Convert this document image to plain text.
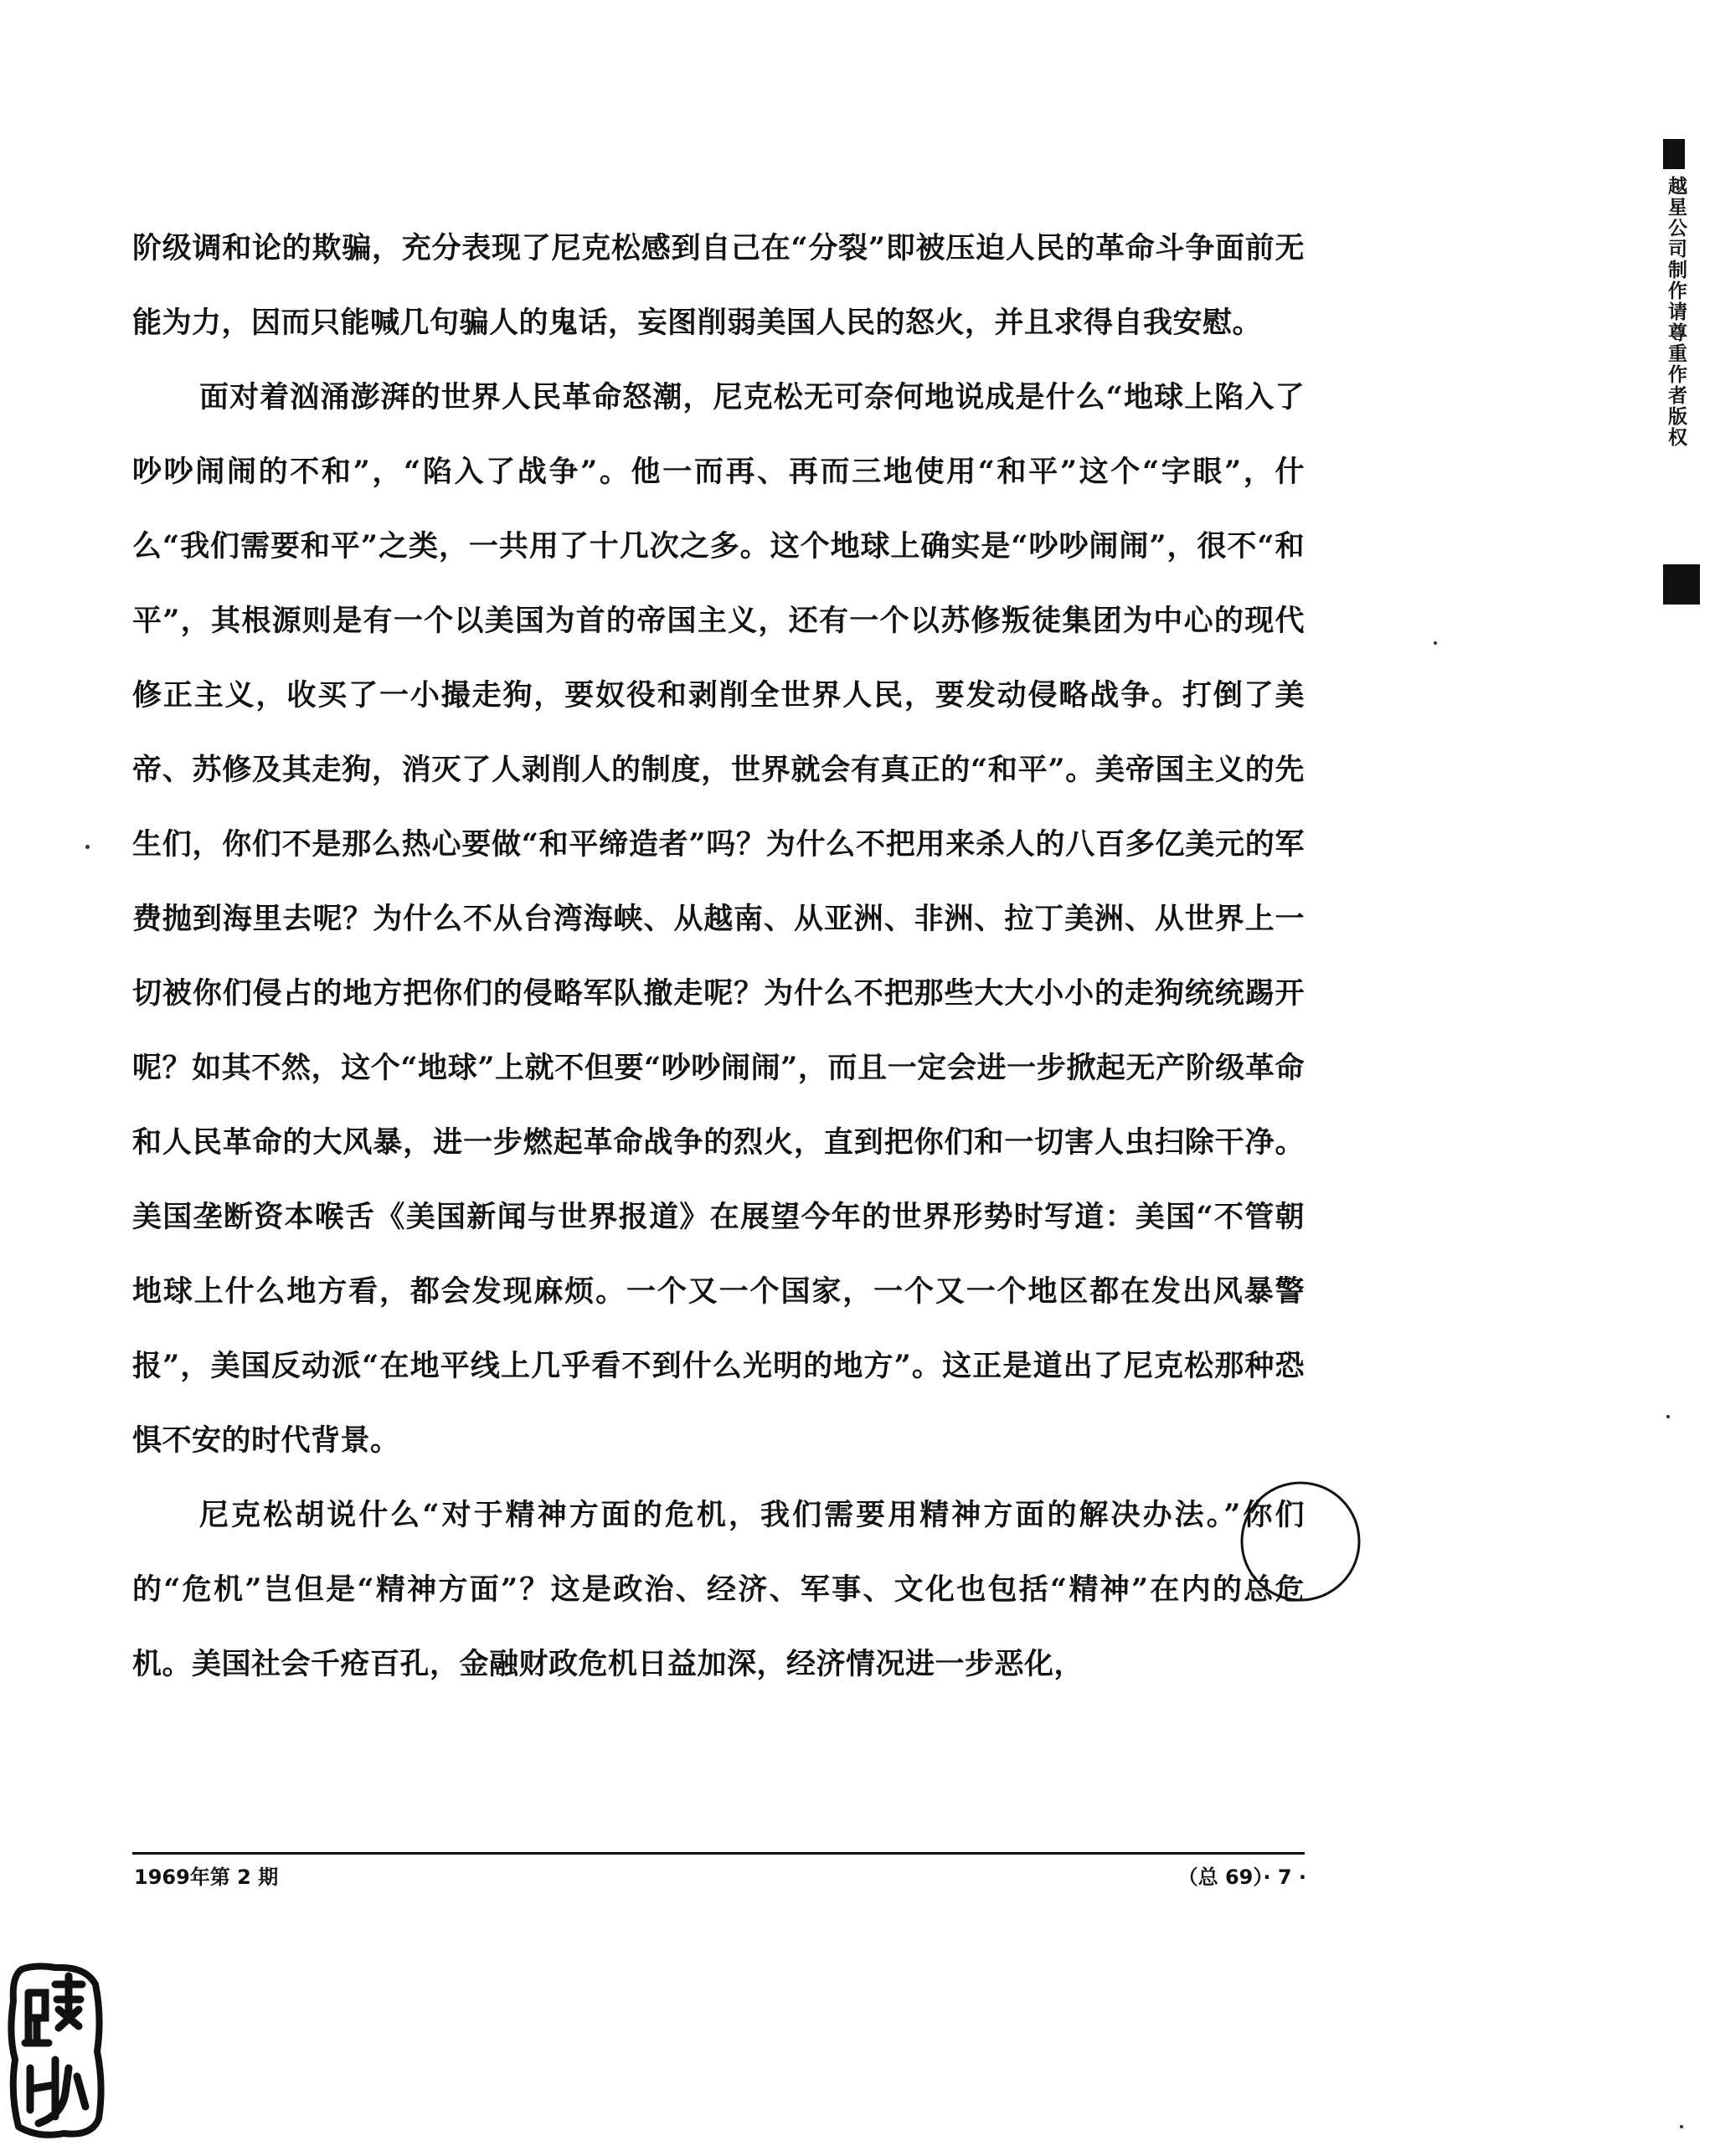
阶级调和论的欺骗，充分表现了尼克松感到自己在“分裂”即被压迫人民的革命斗争面前无能为力，因而只能喊几句骗人的鬼话，妄图削弱美国人民的怒火，并且求得自我安慰。

面对着汹涌澎湃的世界人民革命怒潮，尼克松无可奈何地说成是什么“地球上陷入了吵吵闹闹的不和”，“陷入了战争”。他一而再、再而三地使用“和平”这个“字眼”，什么“我们需要和平”之类，一共用了十几次之多。这个地球上确实是“吵吵闹闹”，很不“和平”，其根源则是有一个以美国为首的帝国主义，还有一个以苏修叛徒集团为中心的现代修正主义，收买了一小撮走狗，要奴役和剥削全世界人民，要发动侵略战争。打倒了美帝、苏修及其走狗，消灭了人剥削人的制度，世界就会有真正的“和平”。美帝国主义的先生们，你们不是那么热心要做“和平缔造者”吗？为什么不把用来杀人的八百多亿美元的军费抛到海里去呢？为什么不从台湾海峡、从越南、从亚洲、非洲、拉丁美洲、从世界上一切被你们侵占的地方把你们的侵略军队撤走呢？为什么不把那些大大小小的走狗统统踢开呢？如其不然，这个“地球”上就不但要“吵吵闹闹”，而且一定会进一步掀起无产阶级革命和人民革命的大风暴，进一步燃起革命战争的烈火，直到把你们和一切害人虫扫除干净。美国垄断资本喉舌《美国新闻与世界报道》在展望今年的世界形势时写道：美国“不管朝地球上什么地方看，都会发现麻烦。一个又一个国家，一个又一个地区都在发出风暴警报”，美国反动派“在地平线上几乎看不到什么光明的地方”。这正是道出了尼克松那种恐惧不安的时代背景。

尼克松胡说什么“对于精神方面的危机，我们需要用精神方面的解决办法。”你们的“危机”岂但是“精神方面”？这是政治、经济、军事、文化也包括“精神”在内的总危机。美国社会千疮百孔，金融财政危机日益加深，经济情况进一步恶化，

1969年第 2 期	（总 69）· 7 ·
越星公司制作请尊重作者版权
